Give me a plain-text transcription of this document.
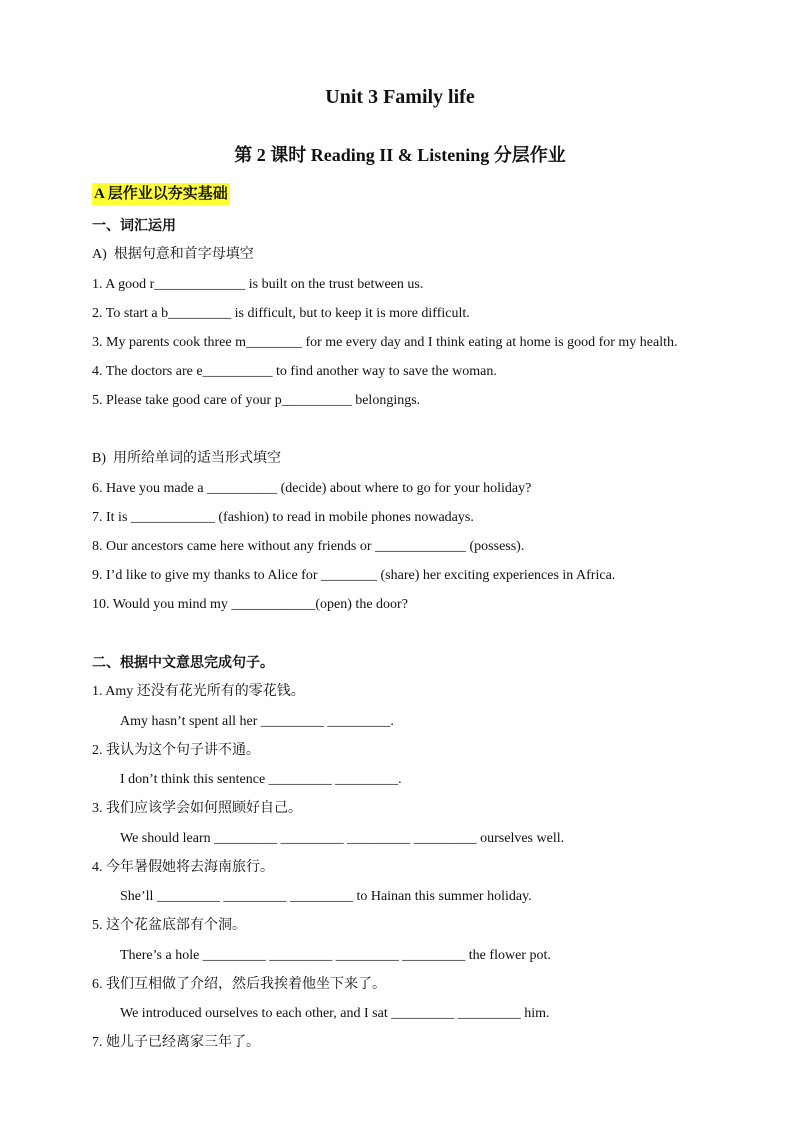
Unit 3 Family life
第 2 课时 Reading II & Listening 分层作业
A 层作业以夯实基础
一、词汇运用
A)  根据句意和首字母填空
1. A good r_____________ is built on the trust between us.
2. To start a b_________ is difficult, but to keep it is more difficult.
3. My parents cook three m________ for me every day and I think eating at home is good for my health.
4. The doctors are e__________ to find another way to save the woman.
5. Please take good care of your p__________ belongings.
B)  用所给单词的适当形式填空
6. Have you made a __________ (decide) about where to go for your holiday?
7. It is ____________ (fashion) to read in mobile phones nowadays.
8. Our ancestors came here without any friends or _____________ (possess).
9. I’d like to give my thanks to Alice for ________ (share) her exciting experiences in Africa.
10. Would you mind my ____________(open) the door?
二、根据中文意思完成句子。
1. Amy 还没有花光所有的零花钱。
Amy hasn’t spent all her _________ _________.
2. 我认为这个句子讲不通。
I don’t think this sentence _________ _________.
3. 我们应该学会如何照顾好自己。
We should learn _________ _________ _________ _________ ourselves well.
4. 今年暑假她将去海南旅行。
She’ll _________ _________ _________ to Hainan this summer holiday.
5. 这个花盆底部有个洞。
There’s a hole _________ _________ _________ _________ the flower pot.
6. 我们互相做了介绍，然后我挨着他坐下来了。
We introduced ourselves to each other, and I sat _________ _________ him.
7. 她儿子已经离家三年了。
